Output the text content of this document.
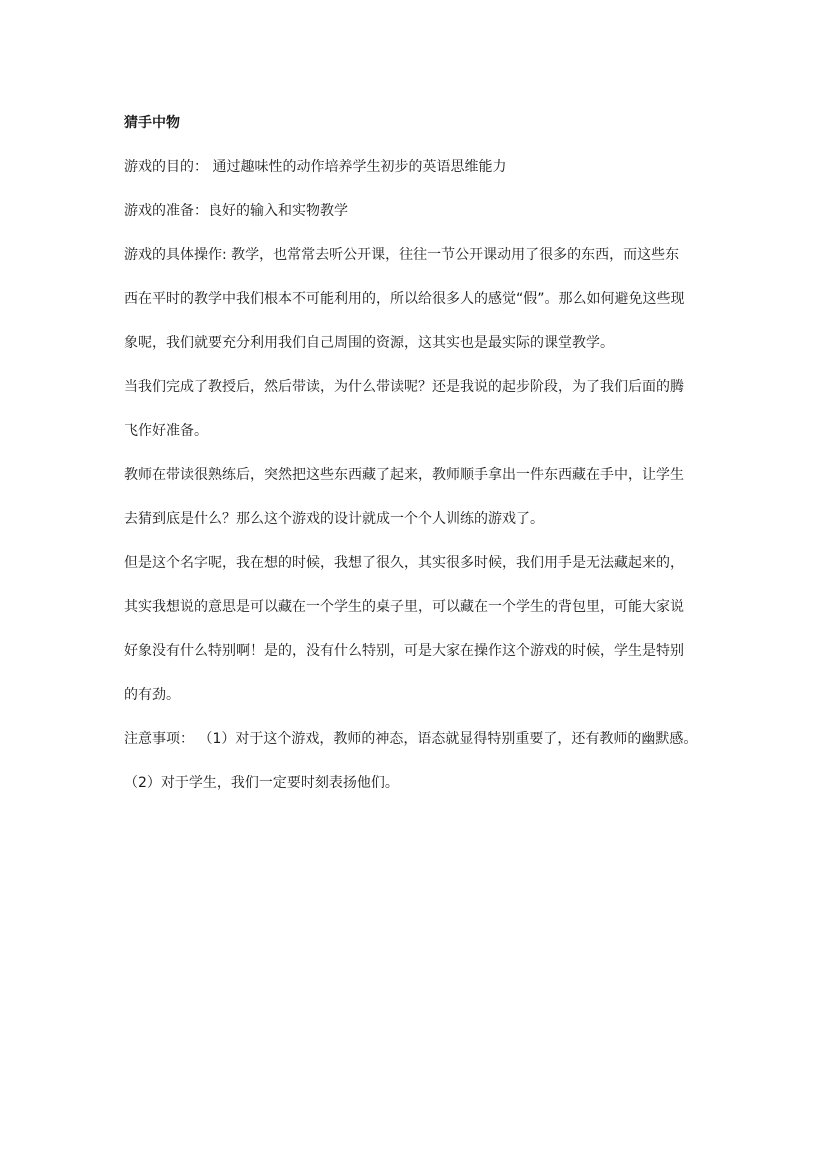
猜手中物

游戏的目的： 通过趣味性的动作培养学生初步的英语思维能力

游戏的准备：良好的输入和实物教学

游戏的具体操作: 教学，也常常去听公开课，往往一节公开课动用了很多的东西，而这些东
西在平时的教学中我们根本不可能利用的，所以给很多人的感觉“假”。那么如何避免这些现
象呢，我们就要充分利用我们自己周围的资源，这其实也是最实际的课堂教学。

当我们完成了教授后，然后带读，为什么带读呢？还是我说的起步阶段，为了我们后面的腾
飞作好准备。

教师在带读很熟练后，突然把这些东西藏了起来，教师顺手拿出一件东西藏在手中，让学生
去猜到底是什么？那么这个游戏的设计就成一个个人训练的游戏了。

但是这个名字呢，我在想的时候，我想了很久，其实很多时候，我们用手是无法藏起来的，
其实我想说的意思是可以藏在一个学生的桌子里，可以藏在一个学生的背包里，可能大家说
好象没有什么特别啊！是的，没有什么特别，可是大家在操作这个游戏的时候，学生是特别
的有劲。

注意事项： （1）对于这个游戏，教师的神态，语态就显得特别重要了，还有教师的幽默感。
（2）对于学生，我们一定要时刻表扬他们。
